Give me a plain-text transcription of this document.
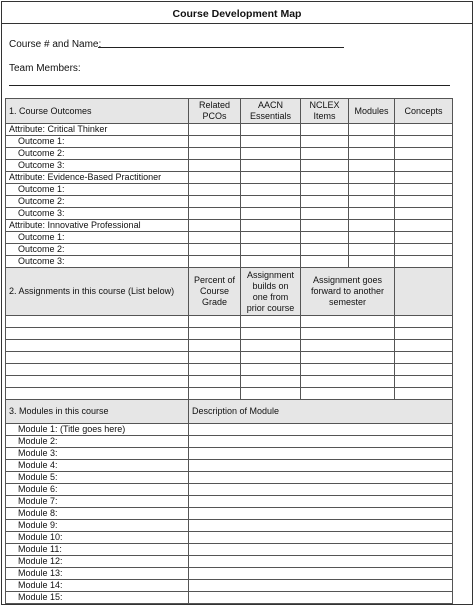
Course Development Map
Course # and Name:
Team Members:
1. Course Outcomes	Related PCOs	AACN Essentials	NCLEX Items	Modules	Concepts
Attribute: Critical Thinker					
Outcome 1:					
Outcome 2:					
Outcome 3:					
Attribute: Evidence-Based Practitioner					
Outcome 1:					
Outcome 2:					
Outcome 3:					
Attribute: Innovative Professional					
Outcome 1:					
Outcome 2:					
Outcome 3:					
2. Assignments in this course (List below)	Percent of Course Grade	Assignment builds on one from prior course	Assignment goes forward to another semester		

3. Modules in this course	Description of Module				
Module 1: (Title goes here)					
Module 2:					
Module 3:					
Module 4:					
Module 5:					
Module 6:					
Module 7:					
Module 8:					
Module 9:					
Module 10:					
Module 11:					
Module 12:					
Module 13:					
Module 14:					
Module 15:					
